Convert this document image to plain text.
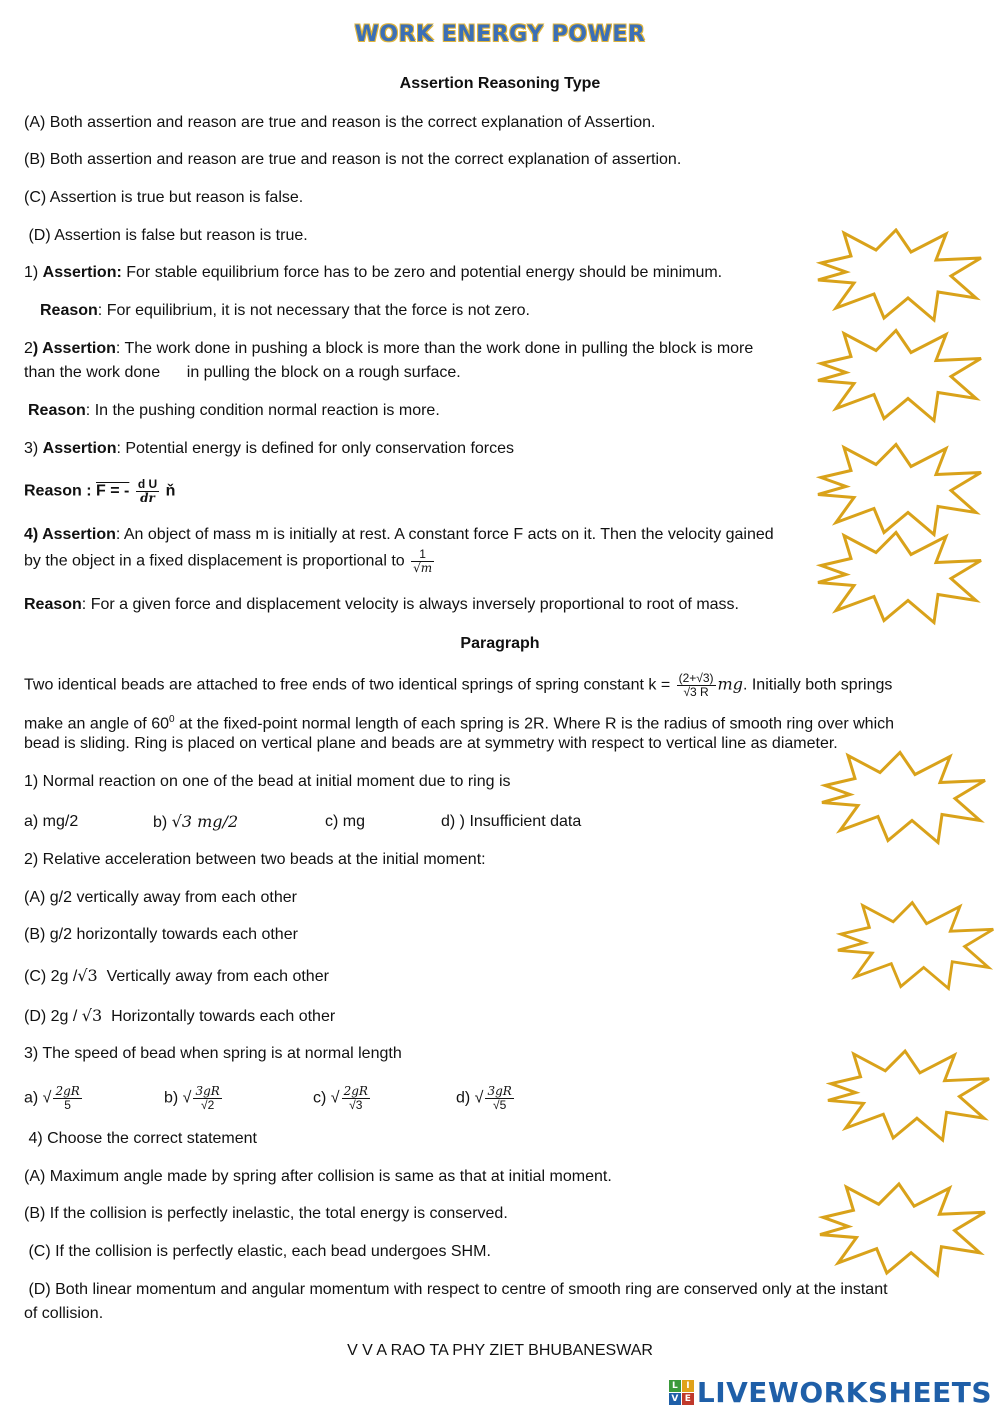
WORK ENERGY POWER
Assertion Reasoning Type
(A) Both assertion and reason are true and reason is the correct explanation of Assertion.
(B) Both assertion and reason are true and reason is not the correct explanation of assertion.
(C) Assertion is true but reason is false.
(D) Assertion is false but reason is true.
1) Assertion: For stable equilibrium force has to be zero and potential energy should be minimum.
Reason: For equilibrium, it is not necessary that the force is not zero.
2) Assertion: The work done in pushing a block is more than the work done in pulling the block is more
than the work done      in pulling the block on a rough surface.
Reason: In the pushing condition normal reaction is more.
3) Assertion: Potential energy is defined for only conservation forces
Reason : F = - $\frac{\text{d U}}{dr}$ ň
4) Assertion: An object of mass m is initially at rest. A constant force F acts on it. Then the velocity gained
by the object in a fixed displacement is proportional to $\frac{1}{√m}$
Reason: For a given force and displacement velocity is always inversely proportional to root of mass.
Paragraph
Two identical beads are attached to free ends of two identical springs of spring constant $k = \frac{(2+√3)}{√3 R}$ mg. Initially both springs
make an angle of $60^0$ at the fixed-point normal length of each spring is 2R. Where R is the radius of smooth ring over which
bead is sliding. Ring is placed on vertical plane and beads are at symmetry with respect to vertical line as diameter.
1) Normal reaction on one of the bead at initial moment due to ring is
a) mg/2	b) √3 mg/2	c) mg	d) ) Insufficient data
2) Relative acceleration between two beads at the initial moment:
(A) g/2 vertically away from each other
(B) g/2 horizontally towards each other
(C) 2g /√3  Vertically away from each other
(D) 2g / √3  Horizontally towards each other
3) The speed of bead when spring is at normal length
a) √ $\frac{2gR}{5}$	b) √ $\frac{3gR}{√2}$	c) √ $\frac{2gR}{√3}$	d) √ $\frac{3gR}{√5}$
4) Choose the correct statement
(A) Maximum angle made by spring after collision is same as that at initial moment.
(B) If the collision is perfectly inelastic, the total energy is conserved.
(C) If the collision is perfectly elastic, each bead undergoes SHM.
(D) Both linear momentum and angular momentum with respect to centre of smooth ring are conserved only at the instant
of collision.
V V A RAO TA PHY ZIET BHUBANESWAR
L I
V E LIVEWORKSHEETS
